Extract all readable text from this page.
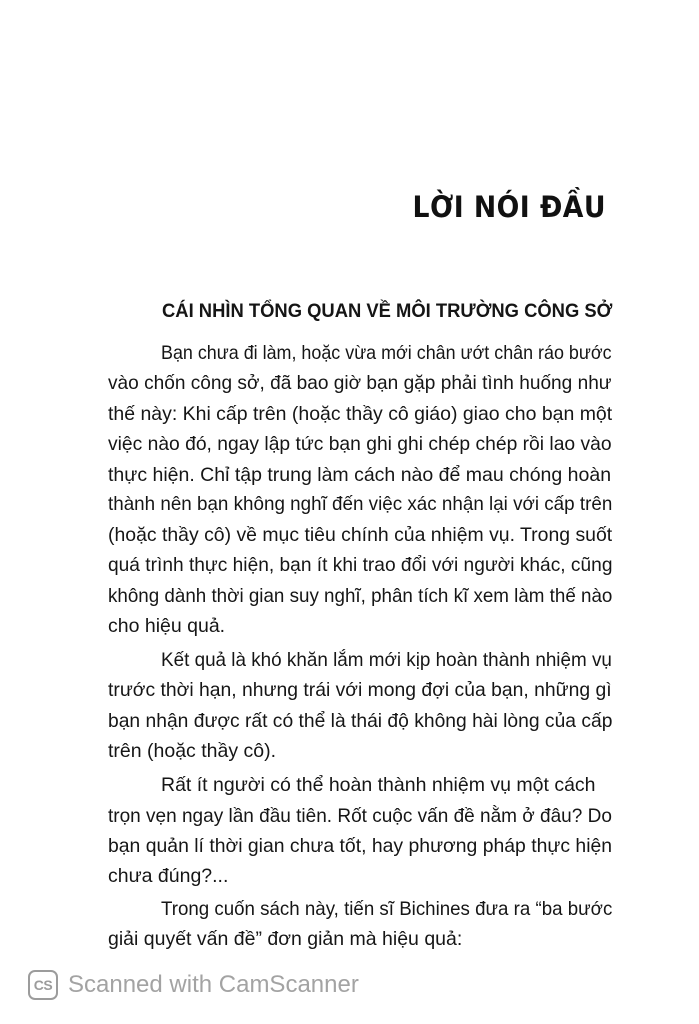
LỜI NÓI ĐẦU
CÁI NHÌN TỔNG QUAN VỀ MÔI TRƯỜNG CÔNG SỞ
Bạn chưa đi làm, hoặc vừa mới chân ướt chân ráo bước
vào chốn công sở, đã bao giờ bạn gặp phải tình huống như
thế này: Khi cấp trên (hoặc thầy cô giáo) giao cho bạn một
việc nào đó, ngay lập tức bạn ghi ghi chép chép rồi lao vào
thực hiện. Chỉ tập trung làm cách nào để mau chóng hoàn
thành nên bạn không nghĩ đến việc xác nhận lại với cấp trên
(hoặc thầy cô) về mục tiêu chính của nhiệm vụ. Trong suốt
quá trình thực hiện, bạn ít khi trao đổi với người khác, cũng
không dành thời gian suy nghĩ, phân tích kĩ xem làm thế nào
cho hiệu quả.
Kết quả là khó khăn lắm mới kịp hoàn thành nhiệm vụ
trước thời hạn, nhưng trái với mong đợi của bạn, những gì
bạn nhận được rất có thể là thái độ không hài lòng của cấp
trên (hoặc thầy cô).
Rất ít người có thể hoàn thành nhiệm vụ một cách
trọn vẹn ngay lần đầu tiên. Rốt cuộc vấn đề nằm ở đâu? Do
bạn quản lí thời gian chưa tốt, hay phương pháp thực hiện
chưa đúng?...
Trong cuốn sách này, tiến sĩ Bichines đưa ra “ba bước
giải quyết vấn đề” đơn giản mà hiệu quả:
CS Scanned with CamScanner
